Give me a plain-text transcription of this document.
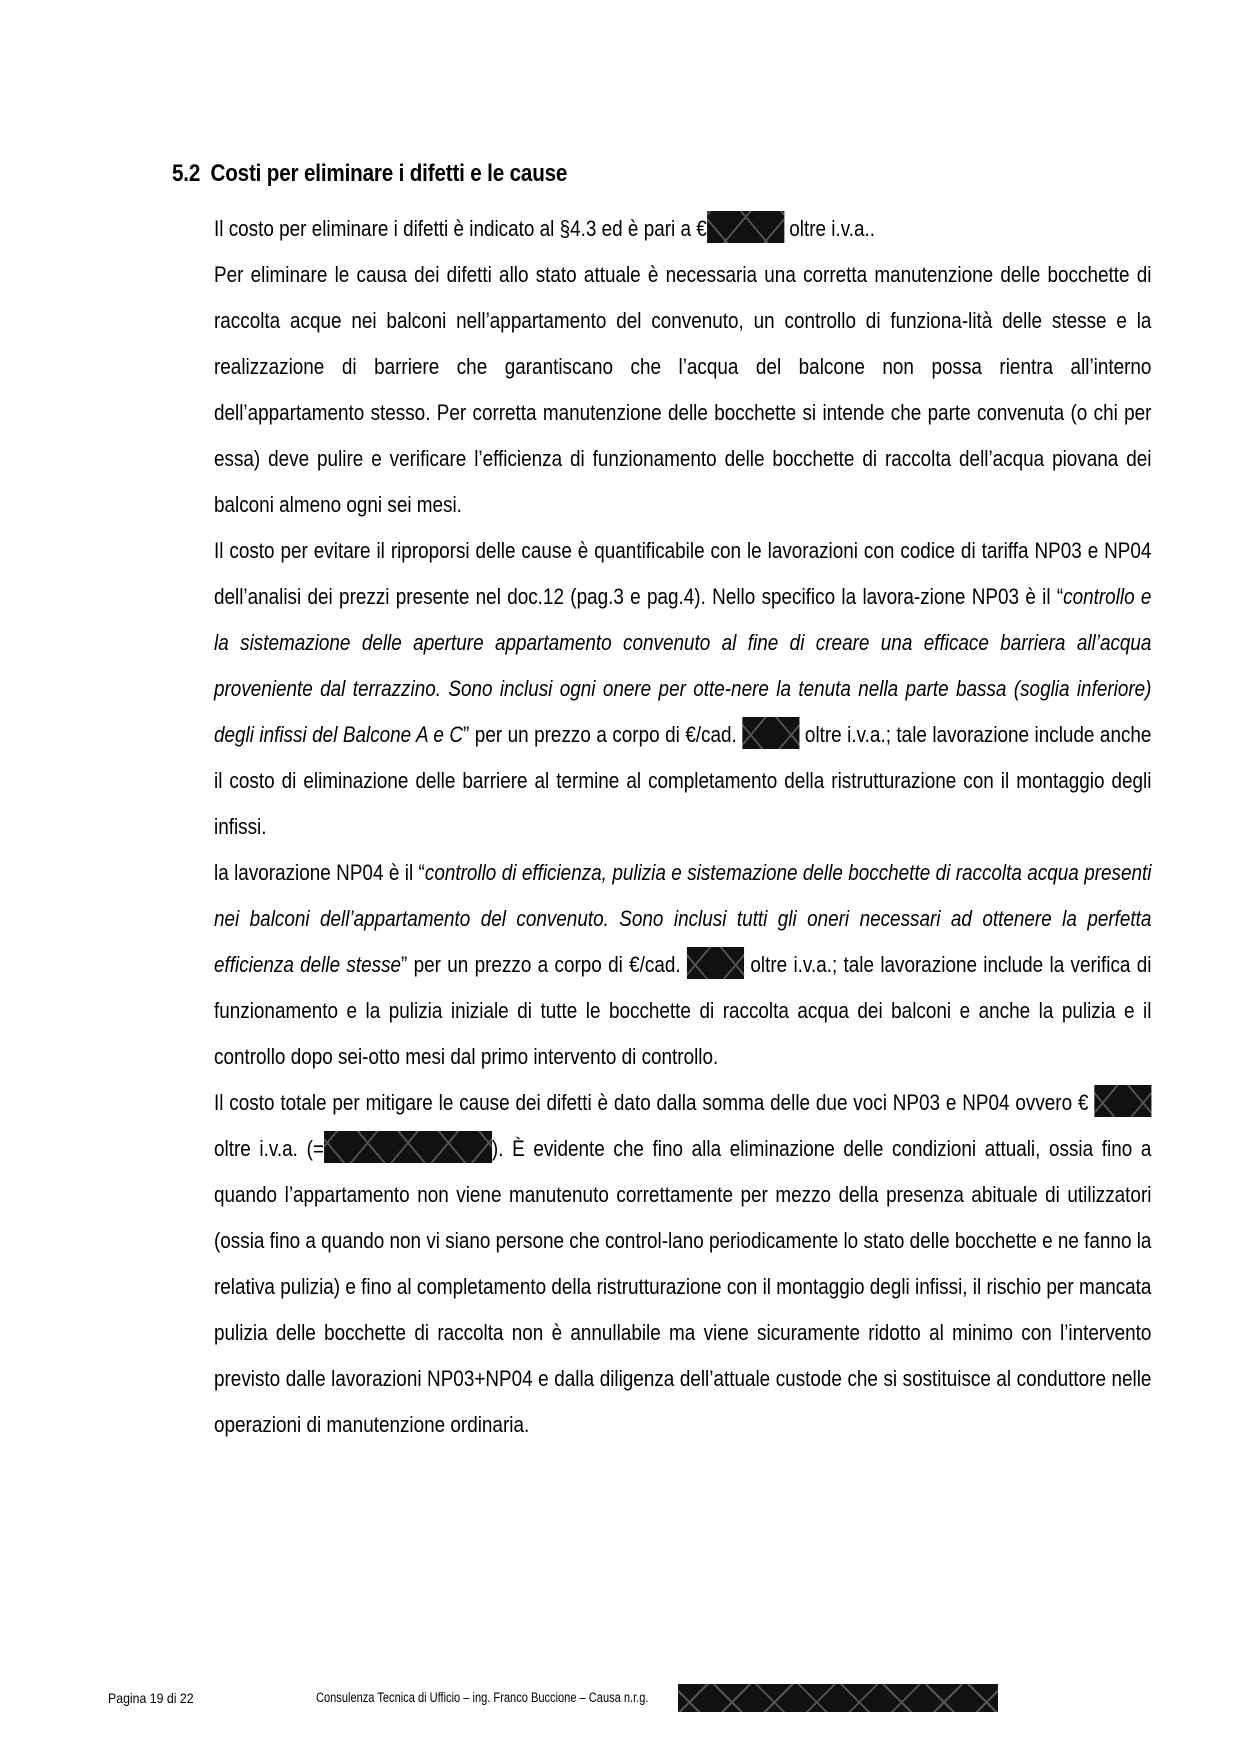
5.2 Costi per eliminare i difetti e le cause

Il costo per eliminare i difetti è indicato al §4.3 ed è pari a €	oltre i.v.a..

Per eliminare le causa dei difetti allo stato attuale è necessaria una corretta manutenzione delle bocchette di raccolta acque nei balconi nell’appartamento del convenuto, un controllo di funziona-lità delle stesse e la realizzazione di barriere che garantiscano che l’acqua del balcone non possa rientra all’interno dell’appartamento stesso. Per corretta manutenzione delle bocchette si intende che parte convenuta (o chi per essa) deve pulire e verificare l’efficienza di funzionamento delle bocchette di raccolta dell’acqua piovana dei balconi almeno ogni sei mesi.

Il costo per evitare il riproporsi delle cause è quantificabile con le lavorazioni con codice di tariffa NP03 e NP04 dell’analisi dei prezzi presente nel doc.12 (pag.3 e pag.4). Nello specifico la lavora-zione NP03 è il “controllo e la sistemazione delle aperture appartamento convenuto al fine di creare una efficace barriera all’acqua proveniente dal terrazzino. Sono inclusi ogni onere per otte-nere la tenuta nella parte bassa (soglia inferiore) degli infissi del Balcone A e C” per un prezzo a corpo di €/cad.	oltre i.v.a.; tale lavorazione include anche il costo di eliminazione delle barriere al termine al completamento della ristrutturazione con il montaggio degli infissi.

la lavorazione NP04 è il “controllo di efficienza, pulizia e sistemazione delle bocchette di raccolta acqua presenti nei balconi dell’appartamento del convenuto. Sono inclusi tutti gli oneri necessari ad ottenere la perfetta efficienza delle stesse” per un prezzo a corpo di €/cad.	oltre i.v.a.; tale lavorazione include la verifica di funzionamento e la pulizia iniziale di tutte le bocchette di raccolta acqua dei balconi e anche la pulizia e il controllo dopo sei-otto mesi dal primo intervento di controllo.

Il costo totale per mitigare le cause dei difetti è dato dalla somma delle due voci NP03 e NP04 ovvero €  oltre i.v.a. (=	). È evidente che fino alla eliminazione delle condizioni attuali, ossia fino a quando l’appartamento non viene manutenuto correttamente per mezzo della presenza abituale di utilizzatori (ossia fino a quando non vi siano persone che control-lano periodicamente lo stato delle bocchette e ne fanno la relativa pulizia) e fino al completamento della ristrutturazione con il montaggio degli infissi, il rischio per mancata pulizia delle bocchette di raccolta non è annullabile ma viene sicuramente ridotto al minimo con l’intervento previsto dalle lavorazioni NP03+NP04 e dalla diligenza dell’attuale custode che si sostituisce al conduttore nelle operazioni di manutenzione ordinaria.

Pagina 19 di 22	Consulenza Tecnica di Ufficio – ing. Franco Buccione – Causa n.r.g.
